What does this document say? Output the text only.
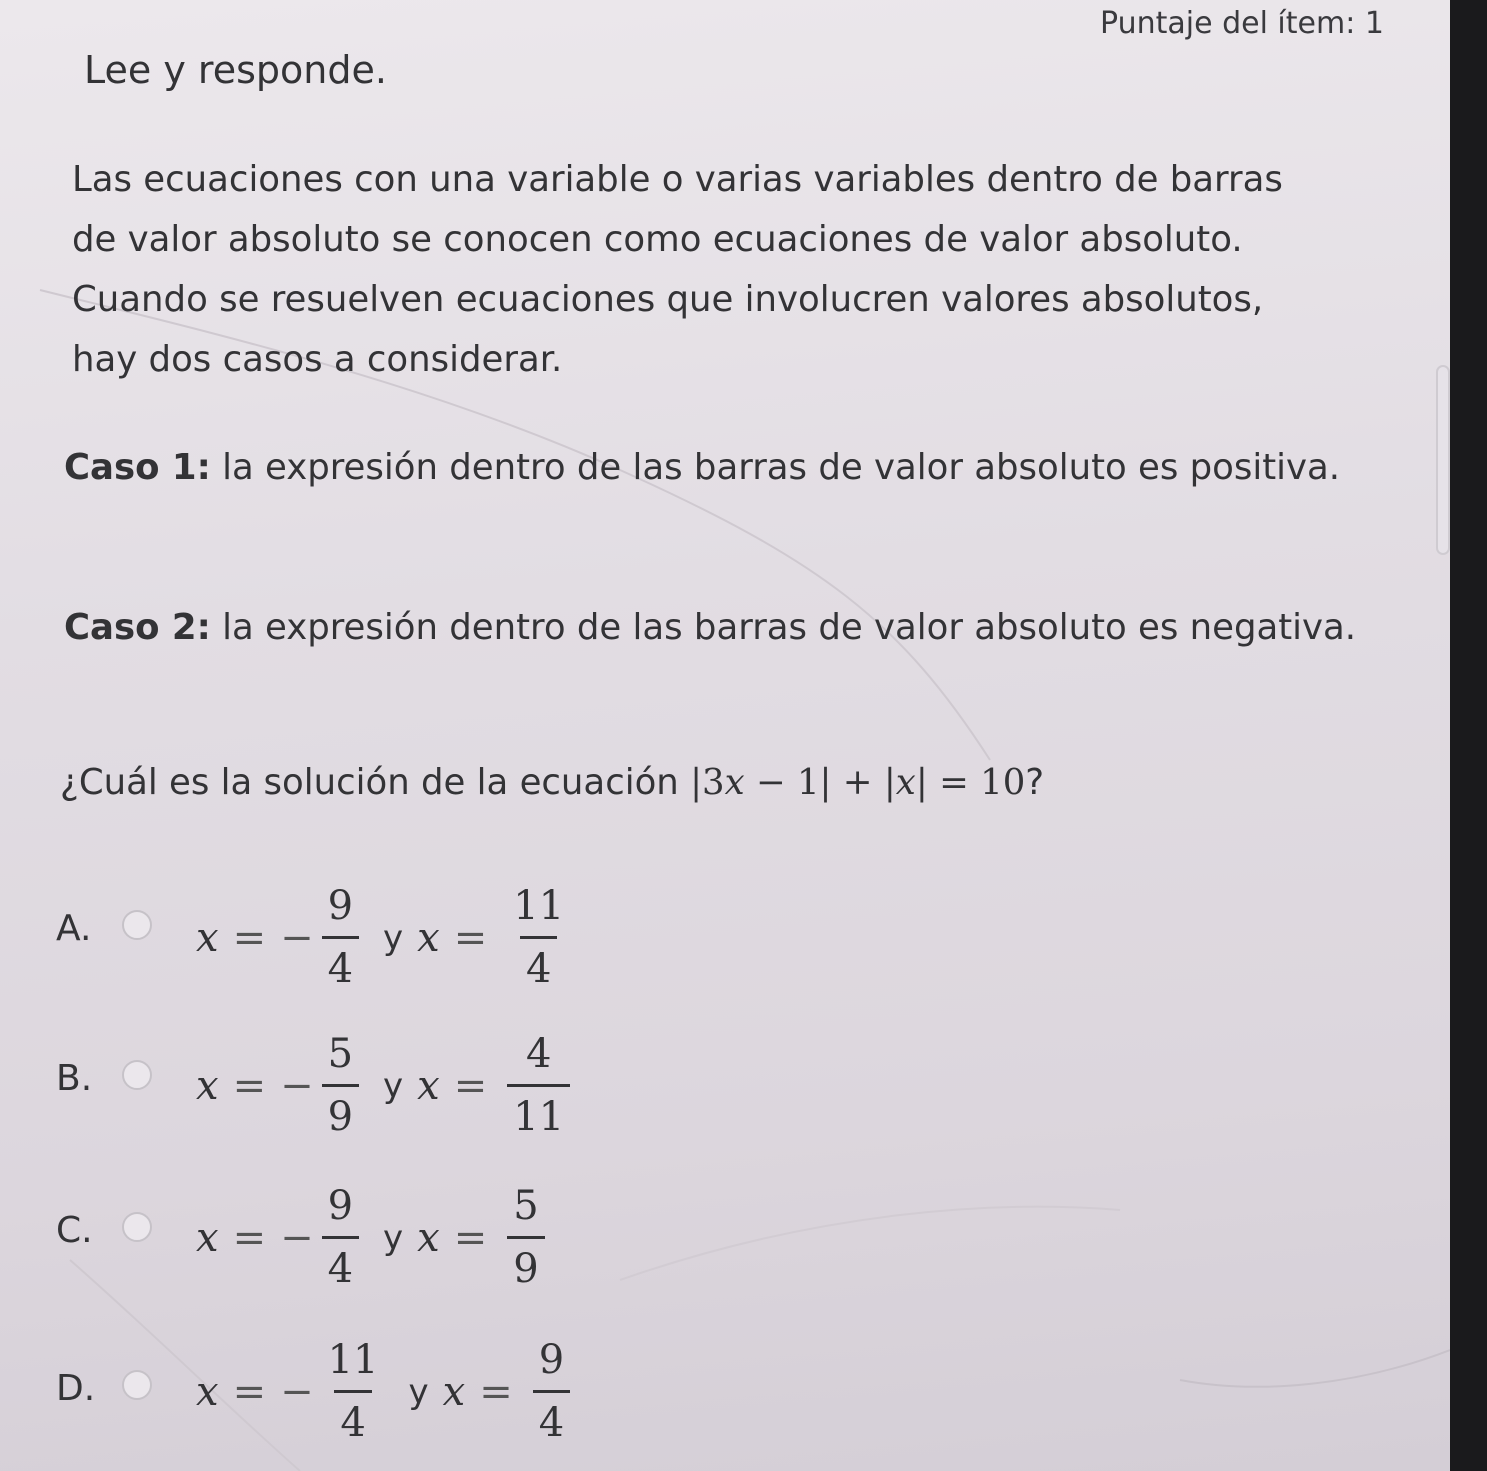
Puntaje del ítem: 1
Lee y responde.
Las ecuaciones con una variable o varias variables dentro de barras
de valor absoluto se conocen como ecuaciones de valor absoluto.
Cuando se resuelven ecuaciones que involucren valores absolutos,
hay dos casos a considerar.
Caso 1: la expresión dentro de las barras de valor absoluto es positiva.
Caso 2: la expresión dentro de las barras de valor absoluto es negativa.
¿Cuál es la solución de la ecuación |3x − 1| + |x| = 10?
A.	x = − $\frac{9}{4}$ y $x = \frac{11}{4}$
B.	x = − $\frac{5}{9}$ y $x = \frac{4}{11}$
C.	x = − $\frac{9}{4}$ y $x = \frac{5}{9}$
D.	x = − $\frac{11}{4}$ y $x = \frac{9}{4}$
